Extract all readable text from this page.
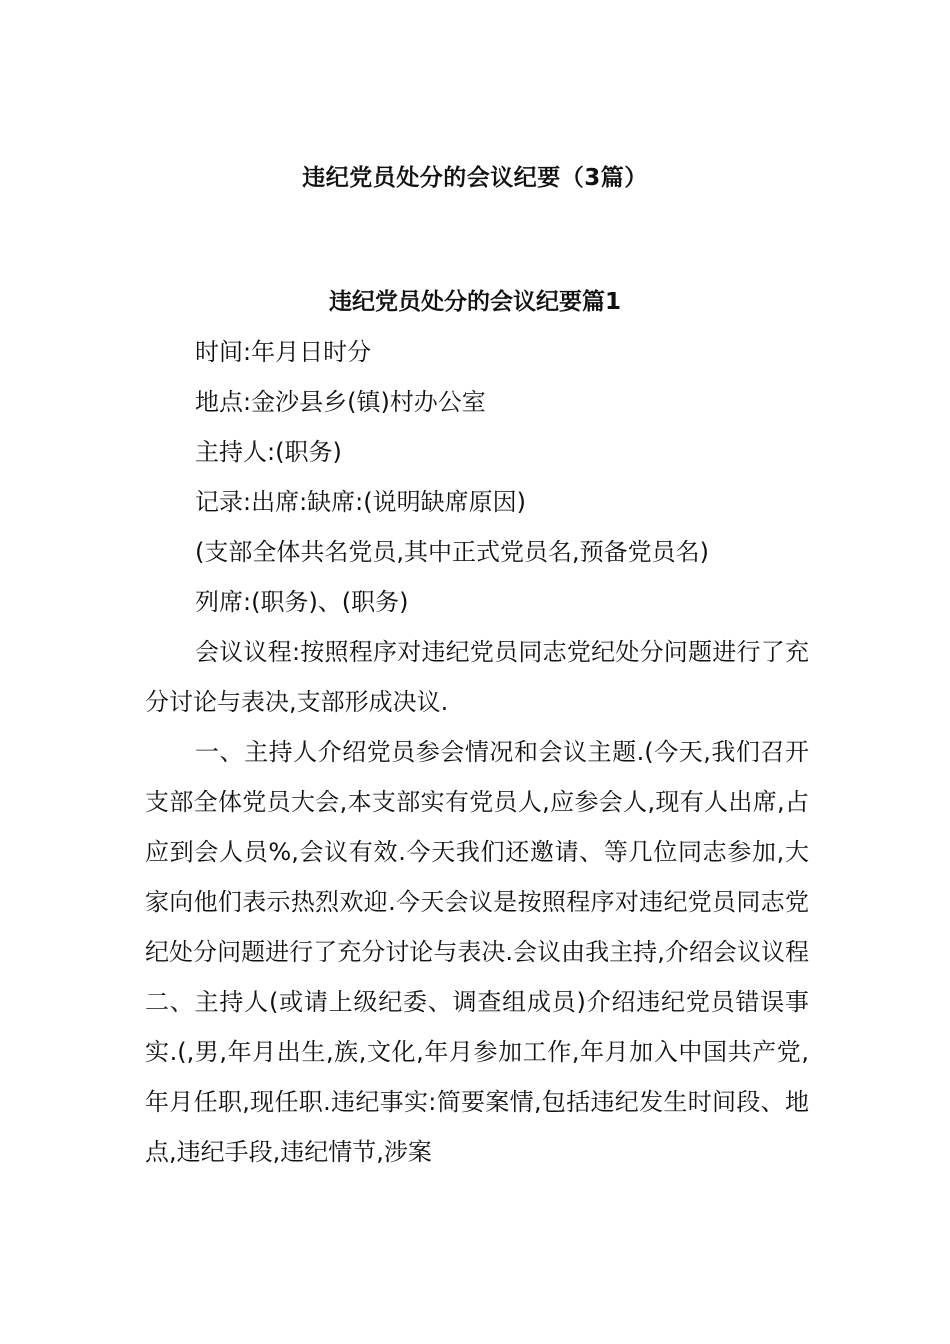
违纪党员处分的会议纪要（3篇）
违纪党员处分的会议纪要篇1

时间:年月日时分

地点:金沙县乡(镇)村办公室

主持人:(职务)

记录:出席:缺席:(说明缺席原因)

(支部全体共名党员,其中正式党员名,预备党员名)

列席:(职务)、(职务)

会议议程:按照程序对违纪党员同志党纪处分问题进行了充分讨论与表决,支部形成决议.

一、主持人介绍党员参会情况和会议主题.(今天,我们召开支部全体党员大会,本支部实有党员人,应参会人,现有人出席,占应到会人员%,会议有效.今天我们还邀请、等几位同志参加,大家向他们表示热烈欢迎.今天会议是按照程序对违纪党员同志党纪处分问题进行了充分讨论与表决.会议由我主持,介绍会议议程二、主持人(或请上级纪委、调查组成员)介绍违纪党员错误事实.(,男,年月出生,族,文化,年月参加工作,年月加入中国共产党,年月任职,现任职.违纪事实:简要案情,包括违纪发生时间段、地点,违纪手段,违纪情节,涉案
